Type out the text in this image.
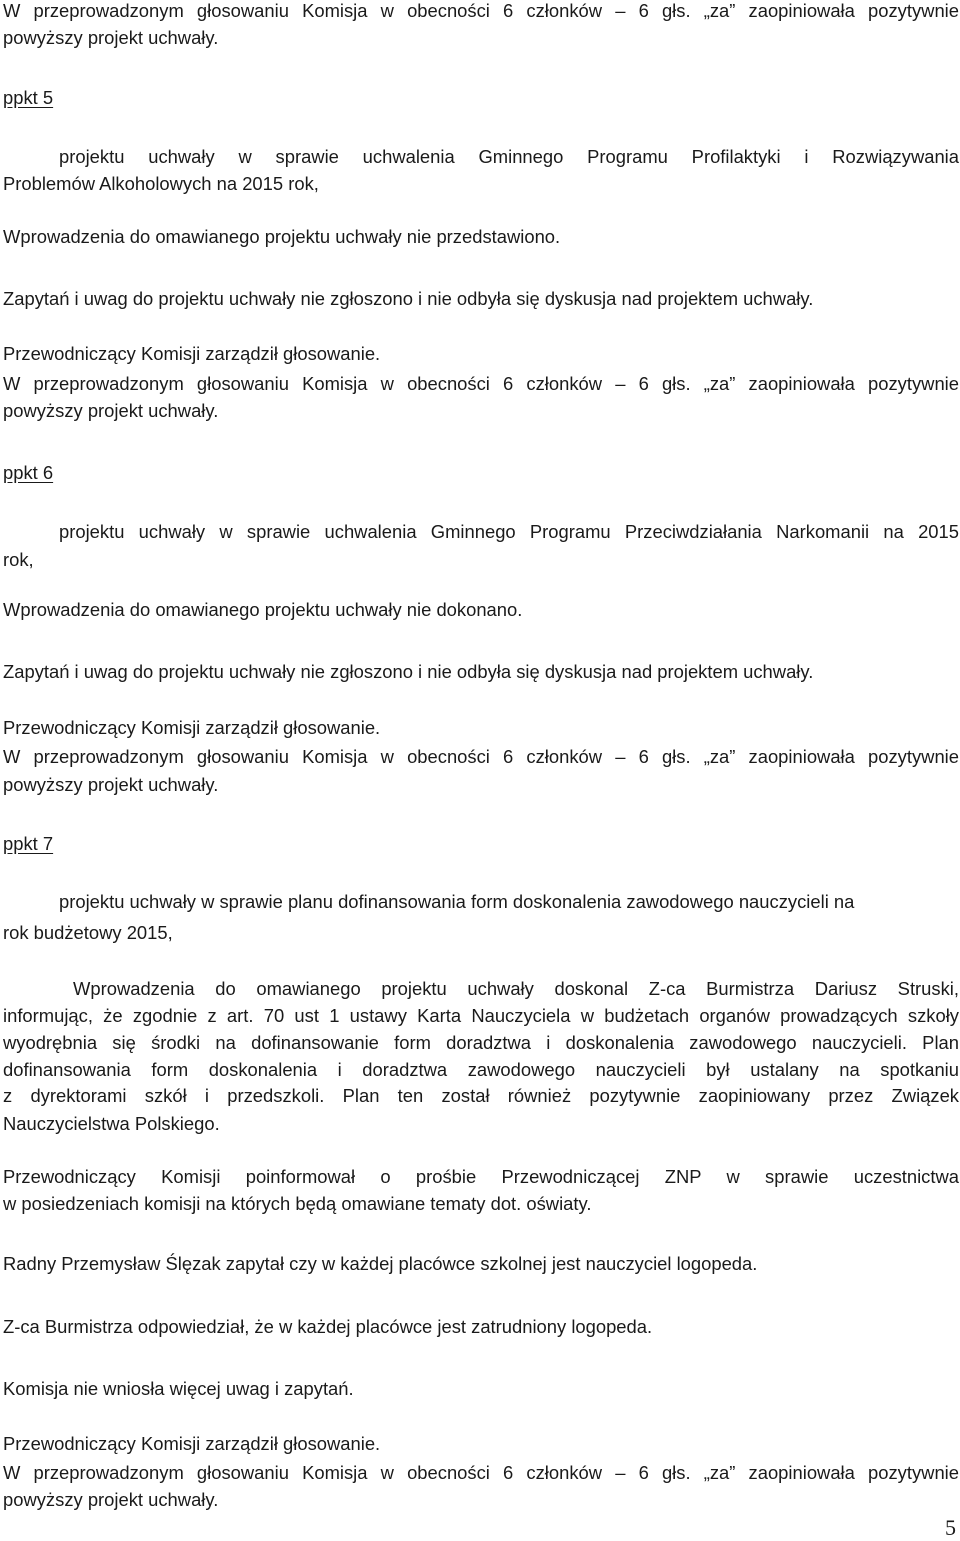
W przeprowadzonym głosowaniu Komisja w obecności 6 członków – 6 głs. „za” zaopiniowała pozytywnie
powyższy projekt uchwały.
ppkt 5
projektu uchwały w sprawie uchwalenia Gminnego Programu Profilaktyki i Rozwiązywania
Problemów Alkoholowych na 2015 rok,
Wprowadzenia do omawianego projektu uchwały nie przedstawiono.
Zapytań i uwag do projektu uchwały nie zgłoszono i nie odbyła się dyskusja nad projektem uchwały.
Przewodniczący Komisji zarządził głosowanie.
W przeprowadzonym głosowaniu Komisja w obecności 6 członków – 6 głs. „za” zaopiniowała pozytywnie
powyższy projekt uchwały.
ppkt 6
projektu uchwały w sprawie uchwalenia Gminnego Programu Przeciwdziałania Narkomanii na 2015
rok,
Wprowadzenia do omawianego projektu uchwały nie dokonano.
Zapytań i uwag do projektu uchwały nie zgłoszono i nie odbyła się dyskusja nad projektem uchwały.
Przewodniczący Komisji zarządził głosowanie.
W przeprowadzonym głosowaniu Komisja w obecności 6 członków – 6 głs. „za” zaopiniowała pozytywnie
powyższy projekt uchwały.
ppkt 7
projektu uchwały w sprawie planu dofinansowania form doskonalenia zawodowego nauczycieli na
rok budżetowy 2015,
Wprowadzenia do omawianego projektu uchwały doskonal Z-ca Burmistrza Dariusz Struski,
informując, że zgodnie z art. 70 ust 1 ustawy Karta Nauczyciela w budżetach organów prowadzących szkoły
wyodrębnia się środki na dofinansowanie form doradztwa i doskonalenia zawodowego nauczycieli. Plan
dofinansowania form doskonalenia i doradztwa zawodowego nauczycieli był ustalany na spotkaniu
z dyrektorami szkół i przedszkoli. Plan ten został również pozytywnie zaopiniowany przez Związek
Nauczycielstwa Polskiego.
Przewodniczący Komisji poinformował o prośbie Przewodniczącej ZNP w sprawie uczestnictwa
w posiedzeniach komisji na których będą omawiane tematy dot. oświaty.
Radny Przemysław Ślęzak zapytał czy w każdej placówce szkolnej jest nauczyciel logopeda.
Z-ca Burmistrza odpowiedział, że w każdej placówce jest zatrudniony logopeda.
Komisja nie wniosła więcej uwag i zapytań.
Przewodniczący Komisji zarządził głosowanie.
W przeprowadzonym głosowaniu Komisja w obecności 6 członków – 6 głs. „za” zaopiniowała pozytywnie
powyższy projekt uchwały.
5
